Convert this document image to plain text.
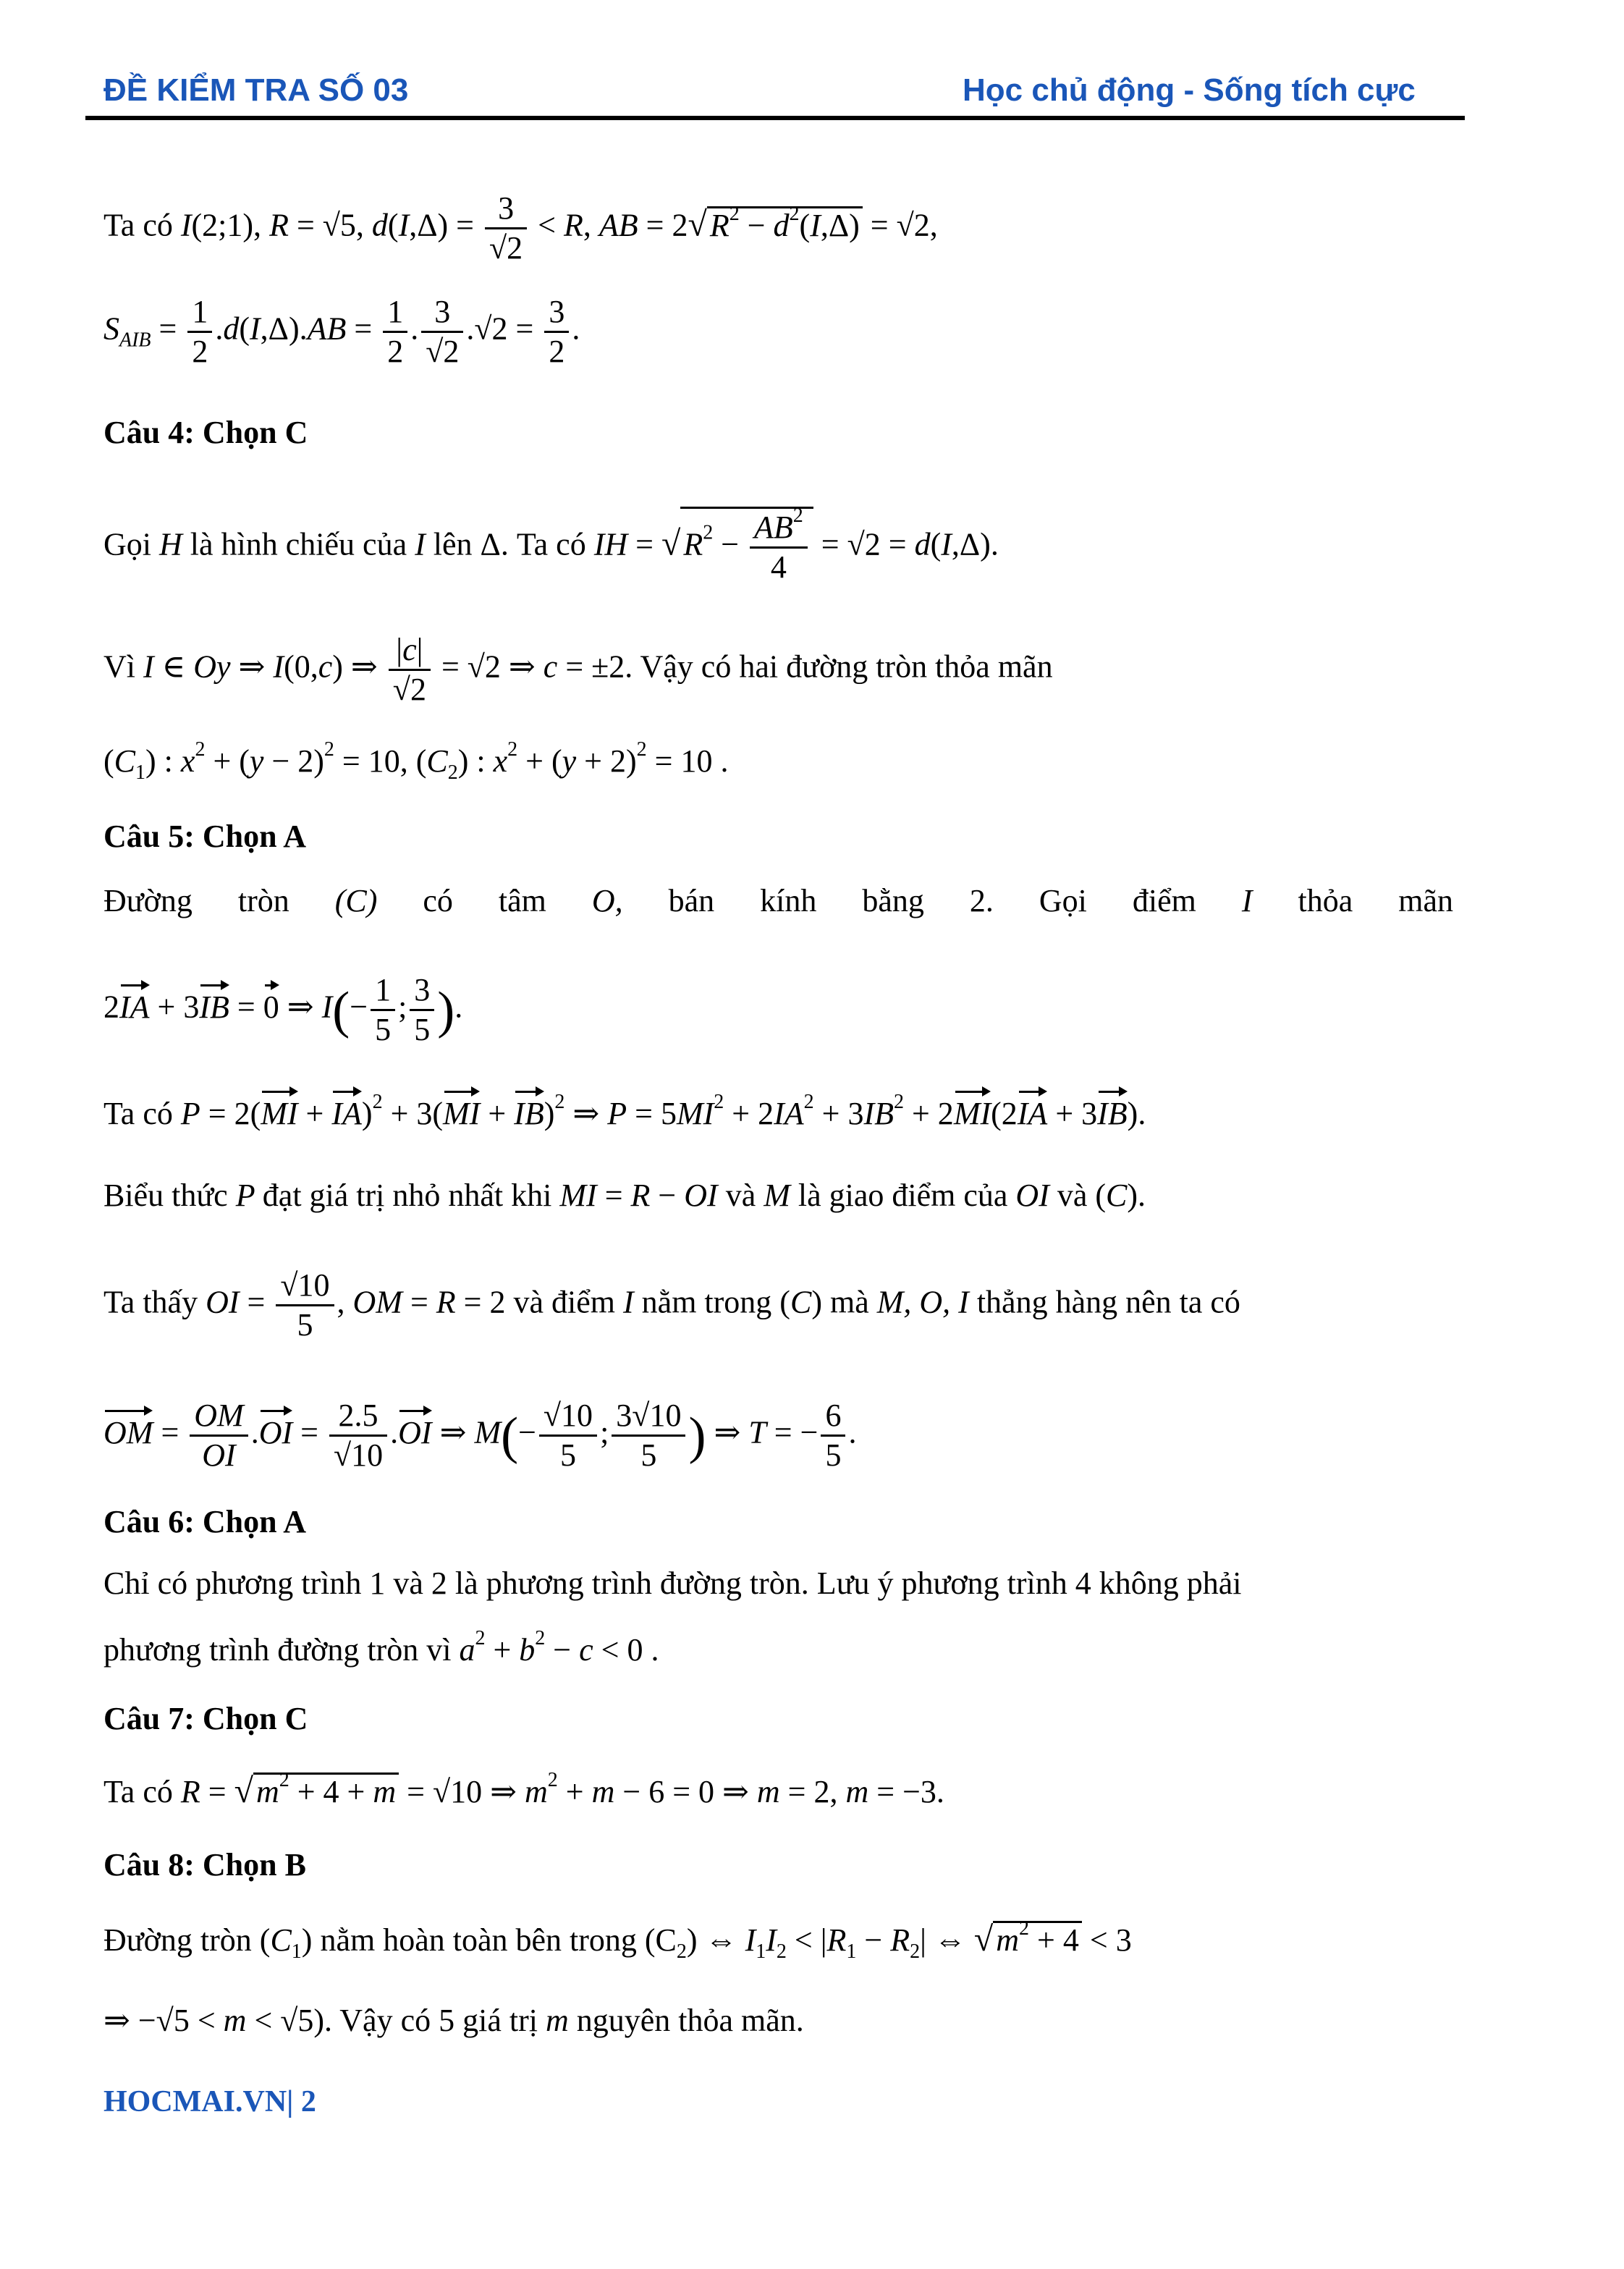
ĐỀ KIỂM TRA SỐ 03	Học chủ động - Sống tích cực
Ta có I(2;1), R = √5, $d(I,\Delta) = \frac{3}{√2} < R$, AB = $2√R^2 - d^2(I,\Delta) = √2$,
$S_{AIB} = \frac{1}{2} .d(I,\Delta).AB = \frac{1}{2}$ . $\frac{3}{√2} .√2 = \frac{3}{2}$ .
Câu 4: Chọn C
Gọi H là hình chiếu của I lên Δ. Ta có IH = $√R^2 - \frac{AB^2}{4} = √2 = d(I,\Delta)$.
Vì I ∈ Oy ⇒ I(0,c) ⇒ $\frac{|c|}{√2} = √2$ ⇒ c = ±2. Vậy có hai đường tròn thỏa mãn
$(C_1)$ : $x^2 + (y - 2)^2 = 10$, $(C_2)$ : $x^2 + (y + 2)^2 = 10$ .
Câu 5: Chọn A
Đường tròn (C) có tâm O, bán kính bằng 2. Gọi điểm I thỏa mãn
2IA + 3IB = 0 ⇒ $I(- \frac{1}{5}$ ; $\frac{3}{5}$ ).
Ta có P = 2(MI + IA)$^2$ + 3(MI + IB)$^2$ ⇒ $P = 5MI^2 + 2IA^2 + 3IB^2 + 2MI(2IA + 3IB)$.
Biểu thức P đạt giá trị nhỏ nhất khi MI = R − OI và M là giao điểm của OI và (C).
Ta thấy OI = $\frac{√10}{5}$ , OM = R = 2 và điểm I nằm trong (C) mà M, O, I thẳng hàng nên ta có
OM = $\frac{OM}{OI} .OI = \frac{2.5}{√10} .OI$ ⇒ $M(- \frac{√10}{5}$ ; $\frac{3√10}{5}$ ) ⇒ T = − $\frac{6}{5}$ .
Câu 6: Chọn A
Chỉ có phương trình 1 và 2 là phương trình đường tròn. Lưu ý phương trình 4 không phải
phương trình đường tròn vì $a^2 + b^2 - c < 0$ .
Câu 7: Chọn C
Ta có $R = √m^2 + 4 + m = √10$ ⇒ $m^2 + m - 6 = 0$ ⇒ m = 2, m = −3.
Câu 8: Chọn B
Đường tròn $(C_1)$ nằm hoàn toàn bên trong $(C_2)$ ⇔ $I_1I_2 < |R_1 - R_2|$ ⇔ $√m^2 + 4 < 3$
⇒ −√5 < m < √5). Vậy có 5 giá trị m nguyên thỏa mãn.
HOCMAI.VN| 2
